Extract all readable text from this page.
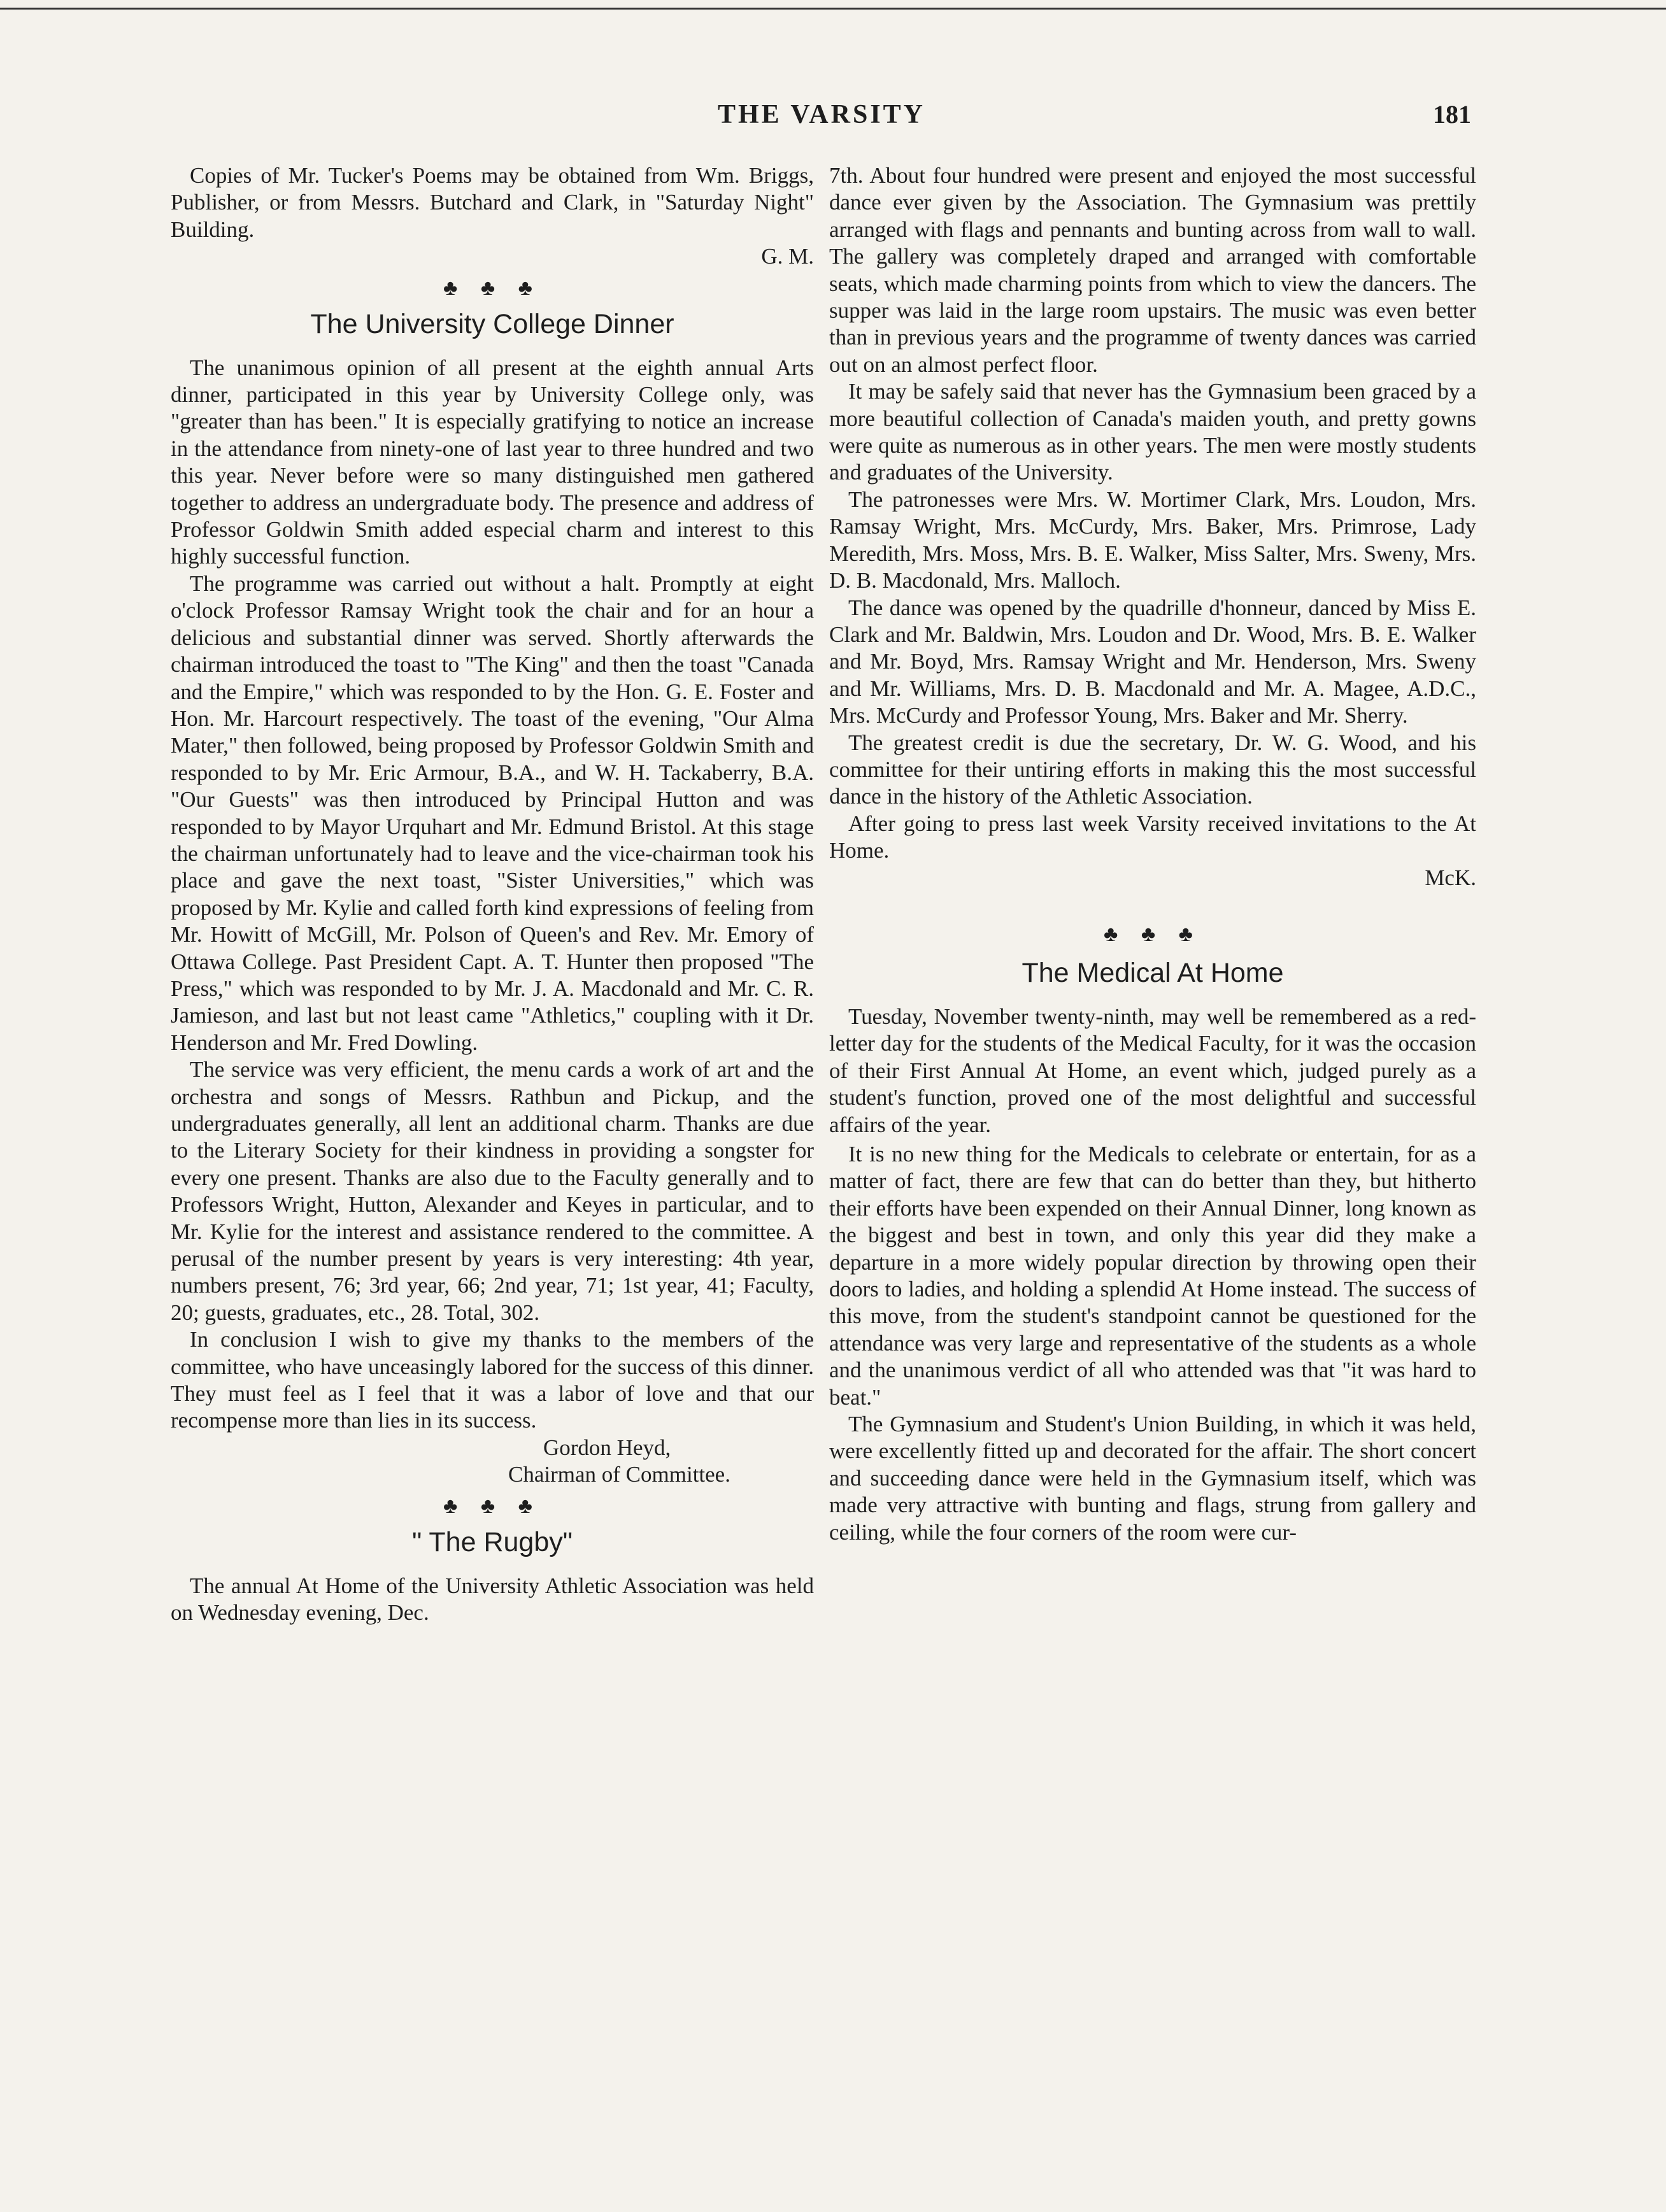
THE VARSITY	181

Copies of Mr. Tucker's Poems may be obtained from Wm. Briggs, Publisher, or from Messrs. Butchard and Clark, in "Saturday Night" Building.

G. M.

♣ ♣ ♣
The University College Dinner

The unanimous opinion of all present at the eighth annual Arts dinner, participated in this year by University College only, was "greater than has been." It is especially gratifying to notice an increase in the attendance from ninety-one of last year to three hundred and two this year. Never before were so many distinguished men gathered together to address an undergraduate body. The presence and address of Professor Goldwin Smith added especial charm and interest to this highly successful function.

The programme was carried out without a halt. Promptly at eight o'clock Professor Ramsay Wright took the chair and for an hour a delicious and substantial dinner was served. Shortly afterwards the chairman introduced the toast to "The King" and then the toast "Canada and the Empire," which was responded to by the Hon. G. E. Foster and Hon. Mr. Harcourt respectively. The toast of the evening, "Our Alma Mater," then followed, being proposed by Professor Goldwin Smith and responded to by Mr. Eric Armour, B.A., and W. H. Tackaberry, B.A. "Our Guests" was then introduced by Principal Hutton and was responded to by Mayor Urquhart and Mr. Edmund Bristol. At this stage the chairman unfortunately had to leave and the vice-chairman took his place and gave the next toast, "Sister Universities," which was proposed by Mr. Kylie and called forth kind expressions of feeling from Mr. Howitt of McGill, Mr. Polson of Queen's and Rev. Mr. Emory of Ottawa College. Past President Capt. A. T. Hunter then proposed "The Press," which was responded to by Mr. J. A. Macdonald and Mr. C. R. Jamieson, and last but not least came "Athletics," coupling with it Dr. Henderson and Mr. Fred Dowling.

The service was very efficient, the menu cards a work of art and the orchestra and songs of Messrs. Rathbun and Pickup, and the undergraduates generally, all lent an additional charm. Thanks are due to the Literary Society for their kindness in providing a songster for every one present. Thanks are also due to the Faculty generally and to Professors Wright, Hutton, Alexander and Keyes in particular, and to Mr. Kylie for the interest and assistance rendered to the committee. A perusal of the number present by years is very interesting: 4th year, numbers present, 76; 3rd year, 66; 2nd year, 71; 1st year, 41; Faculty, 20; guests, graduates, etc., 28. Total, 302.

In conclusion I wish to give my thanks to the members of the committee, who have unceasingly labored for the success of this dinner. They must feel as I feel that it was a labor of love and that our recompense more than lies in its success.

Gordon Heyd,

Chairman of Committee.

♣ ♣ ♣
" The Rugby"

The annual At Home of the University Athletic Association was held on Wednesday evening, Dec.

7th. About four hundred were present and enjoyed the most successful dance ever given by the Association. The Gymnasium was prettily arranged with flags and pennants and bunting across from wall to wall. The gallery was completely draped and arranged with comfortable seats, which made charming points from which to view the dancers. The supper was laid in the large room upstairs. The music was even better than in previous years and the programme of twenty dances was carried out on an almost perfect floor.

It may be safely said that never has the Gymnasium been graced by a more beautiful collection of Canada's maiden youth, and pretty gowns were quite as numerous as in other years. The men were mostly students and graduates of the University.

The patronesses were Mrs. W. Mortimer Clark, Mrs. Loudon, Mrs. Ramsay Wright, Mrs. McCurdy, Mrs. Baker, Mrs. Primrose, Lady Meredith, Mrs. Moss, Mrs. B. E. Walker, Miss Salter, Mrs. Sweny, Mrs. D. B. Macdonald, Mrs. Malloch.

The dance was opened by the quadrille d'honneur, danced by Miss E. Clark and Mr. Baldwin, Mrs. Loudon and Dr. Wood, Mrs. B. E. Walker and Mr. Boyd, Mrs. Ramsay Wright and Mr. Henderson, Mrs. Sweny and Mr. Williams, Mrs. D. B. Macdonald and Mr. A. Magee, A.D.C., Mrs. McCurdy and Professor Young, Mrs. Baker and Mr. Sherry.

The greatest credit is due the secretary, Dr. W. G. Wood, and his committee for their untiring efforts in making this the most successful dance in the history of the Athletic Association.

After going to press last week Varsity received invitations to the At Home.

McK.

♣ ♣ ♣
The Medical At Home

Tuesday, November twenty-ninth, may well be remembered as a red-letter day for the students of the Medical Faculty, for it was the occasion of their First Annual At Home, an event which, judged purely as a student's function, proved one of the most delightful and successful affairs of the year.

It is no new thing for the Medicals to celebrate or entertain, for as a matter of fact, there are few that can do better than they, but hitherto their efforts have been expended on their Annual Dinner, long known as the biggest and best in town, and only this year did they make a departure in a more widely popular direction by throwing open their doors to ladies, and holding a splendid At Home instead. The success of this move, from the student's standpoint cannot be questioned for the attendance was very large and representative of the students as a whole and the unanimous verdict of all who attended was that "it was hard to beat."

The Gymnasium and Student's Union Building, in which it was held, were excellently fitted up and decorated for the affair. The short concert and succeeding dance were held in the Gymnasium itself, which was made very attractive with bunting and flags, strung from gallery and ceiling, while the four corners of the room were cur-
